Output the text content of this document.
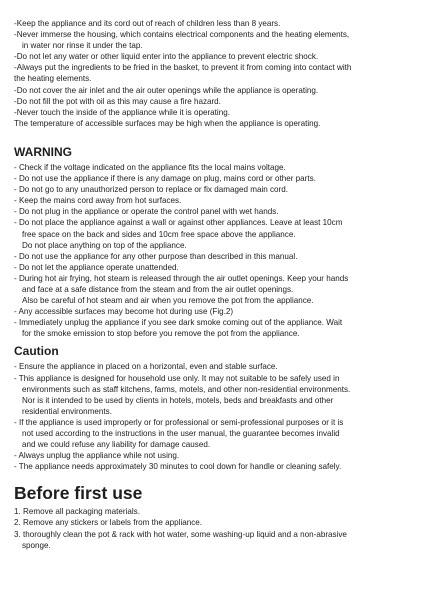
-Keep the appliance and its cord out of reach of children less than 8 years.

-Never immerse the housing, which contains electrical components and the heating elements,

in water nor rinse it under the tap.

-Do not let any water or other liquid enter into the appliance to prevent electric shock.

-Always put the ingredients to be fried in the basket, to prevent it from coming into contact with

the heating elements.

-Do not cover the air inlet and the air outer openings while the appliance is operating.

-Do not fill the pot with oil as this may cause a fire hazard.

-Never touch the inside of the appliance while it is operating.

The temperature of accessible surfaces may be high when the appliance is operating.

WARNING

- Check if the voltage indicated on the appliance fits the local mains voltage.

- Do not use the appliance if there is any damage on plug, mains cord or other parts.

- Do not go to any unauthorized person to replace or fix damaged main cord.

- Keep the mains cord away from hot surfaces.

- Do not plug in the appliance or operate the control panel with wet hands.

- Do not place the appliance against a wall or against other appliances. Leave at least 10cm

free space on the back and sides and 10cm free space above the appliance.

Do not place anything on top of the appliance.

- Do not use the appliance for any other purpose than described in this manual.

- Do not let the appliance operate unattended.

- During hot air frying, hot steam is released through the air outlet openings. Keep your hands

and face at a safe distance from the steam and from the air outlet openings.

Also be careful of hot steam and air when you remove the pot from the appliance.

- Any accessible surfaces may become hot during use (Fig.2)

- Immediately unplug the appliance if you see dark smoke coming out of the appliance. Wait

for the smoke emission to stop before you remove the pot from the appliance.

Caution

- Ensure the appliance in placed on a horizontal, even and stable surface.

- This appliance is designed for household use only. It may not suitable to be safely used in

environments such as staff kitchens, farms, motels, and other non-residential environments.

Nor is it intended to be used by clients in hotels, motels, beds and breakfasts and other

residential environments.

- If the appliance is used improperly or for professional or semi-professional purposes or it is

not used according to the instructions in the user manual, the guarantee becomes invalid

and we could refuse any liability for damage caused.

- Always unplug the appliance while not using.

- The appliance needs approximately 30 minutes to cool down for handle or cleaning safely.

Before first use

1. Remove all packaging materials.

2. Remove any stickers or labels from the appliance.

3. thoroughly clean the pot & rack with hot water, some washing-up liquid and a non-abrasive

sponge.
